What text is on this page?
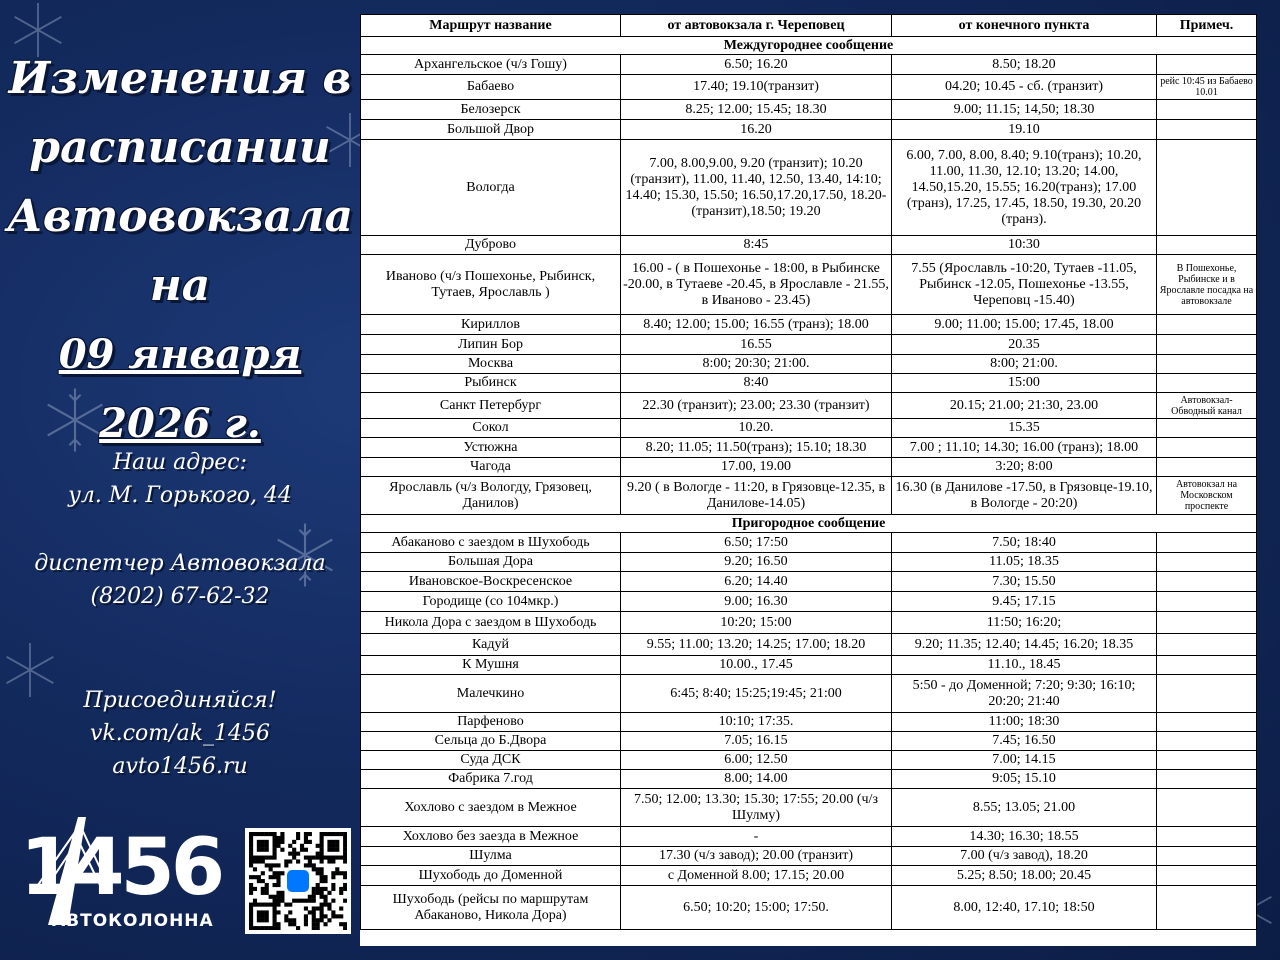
Изменения в
расписании
Автовокзала
на
09 января 2026 г.
Наш адрес:
ул. М. Горького, 44
диспетчер Автовокзала
(8202) 67-62-32
Присоединяйся!
vk.com/ak_1456
avto1456.ru
1456
АВТОКОЛОННА
Маршрут название	от автовокзала г. Череповец	от конечного пункта	Примеч.
Междугороднее сообщение			
Архангельское (ч/з Гошу)	6.50; 16.20	8.50; 18.20	
Бабаево	17.40; 19.10(транзит)	04.20; 10.45 - сб. (транзит)	рейс 10:45 из Бабаево 10.01
Белозерск	8.25; 12.00; 15.45; 18.30	9.00; 11.15; 14,50; 18.30	
Большой Двор	16.20	19.10	
Вологда	7.00, 8.00,9.00, 9.20 (транзит); 10.20 (транзит), 11.00, 11.40, 12.50, 13.40, 14:10; 14.40; 15.30, 15.50; 16.50,17.20,17.50, 18.20-(транзит),18.50; 19.20	6.00, 7.00, 8.00, 8.40; 9.10(транз); 10.20, 11.00, 11.30, 12.10; 13.20; 14.00, 14.50,15.20, 15.55; 16.20(транз); 17.00 (транз), 17.25, 17.45, 18.50, 19.30, 20.20 (транз).	
Дуброво	8:45	10:30	
Иваново (ч/з Пошехонье, Рыбинск, Тутаев, Ярославль )	16.00 - ( в Пошехонье - 18:00, в Рыбинске -20.00, в Тутаеве -20.45, в Ярославле - 21.55, в Иваново - 23.45)	7.55 (Ярославль -10:20, Тутаев -11.05, Рыбинск -12.05, Пошехонье -13.55, Череповц -15.40)	В Пошехонье, Рыбинске и в Ярославле посадка на автовокзале
Кириллов	8.40; 12.00; 15.00; 16.55 (транз); 18.00	9.00; 11.00; 15.00; 17.45, 18.00	
Липин Бор	16.55	20.35	
Москва	8:00; 20:30; 21:00.	8:00; 21:00.	
Рыбинск	8:40	15:00	
Санкт Петербург	22.30 (транзит); 23.00; 23.30 (транзит)	20.15; 21.00; 21:30, 23.00	Автовокзал-Обводный канал
Сокол	10.20.	15.35	
Устюжна	8.20; 11.05; 11.50(транз); 15.10; 18.30	7.00 ; 11.10; 14.30; 16.00 (транз); 18.00	
Чагода	17.00, 19.00	3:20; 8:00	
Ярославль (ч/з Вологду, Грязовец, Данилов)	9.20 ( в Вологде - 11:20, в Грязовце-12.35, в Данилове-14.05)	16.30 (в Данилове -17.50, в Грязовце-19.10, в Вологде - 20:20)	Автовокзал на Московском проспекте
Пригородное сообщение			
Абаканово с заездом в Шухободь	6.50; 17:50	7.50; 18:40	
Большая Дора	9.20; 16.50	11.05; 18.35	
Ивановское-Воскресенское	6.20; 14.40	7.30; 15.50	
Городище (со 104мкр.)	9.00; 16.30	9.45; 17.15	
Никола Дора с заездом в Шухободь	10:20; 15:00	11:50; 16:20;	
Кадуй	9.55; 11.00; 13.20; 14.25; 17.00; 18.20	9.20; 11.35; 12.40; 14.45; 16.20; 18.35	
К Мушня	10.00., 17.45	11.10., 18.45	
Малечкино	6:45; 8:40; 15:25;19:45; 21:00	5:50 - до Доменной; 7:20; 9:30; 16:10; 20:20; 21:40	
Парфеново	10:10; 17:35.	11:00; 18:30	
Сельца до Б.Двора	7.05; 16.15	7.45; 16.50	
Суда ДСК	6.00; 12.50	7.00; 14.15	
Фабрика 7.год	8.00; 14.00	9:05; 15.10	
Хохлово с заездом в Межное	7.50; 12.00; 13.30; 15.30; 17:55; 20.00 (ч/з Шулму)	8.55; 13.05; 21.00	
Хохлово без заезда в Межное	-	14.30; 16.30; 18.55	
Шулма	17.30 (ч/з завод); 20.00 (транзит)	7.00 (ч/з завод), 18.20	
Шухободь до Доменной	с Доменной 8.00; 17.15; 20.00	5.25; 8.50; 18.00; 20.45	
Шухободь (рейсы по маршрутам Абаканово, Никола Дора)	6.50; 10:20; 15:00; 17:50.	8.00, 12:40, 17.10; 18:50	
